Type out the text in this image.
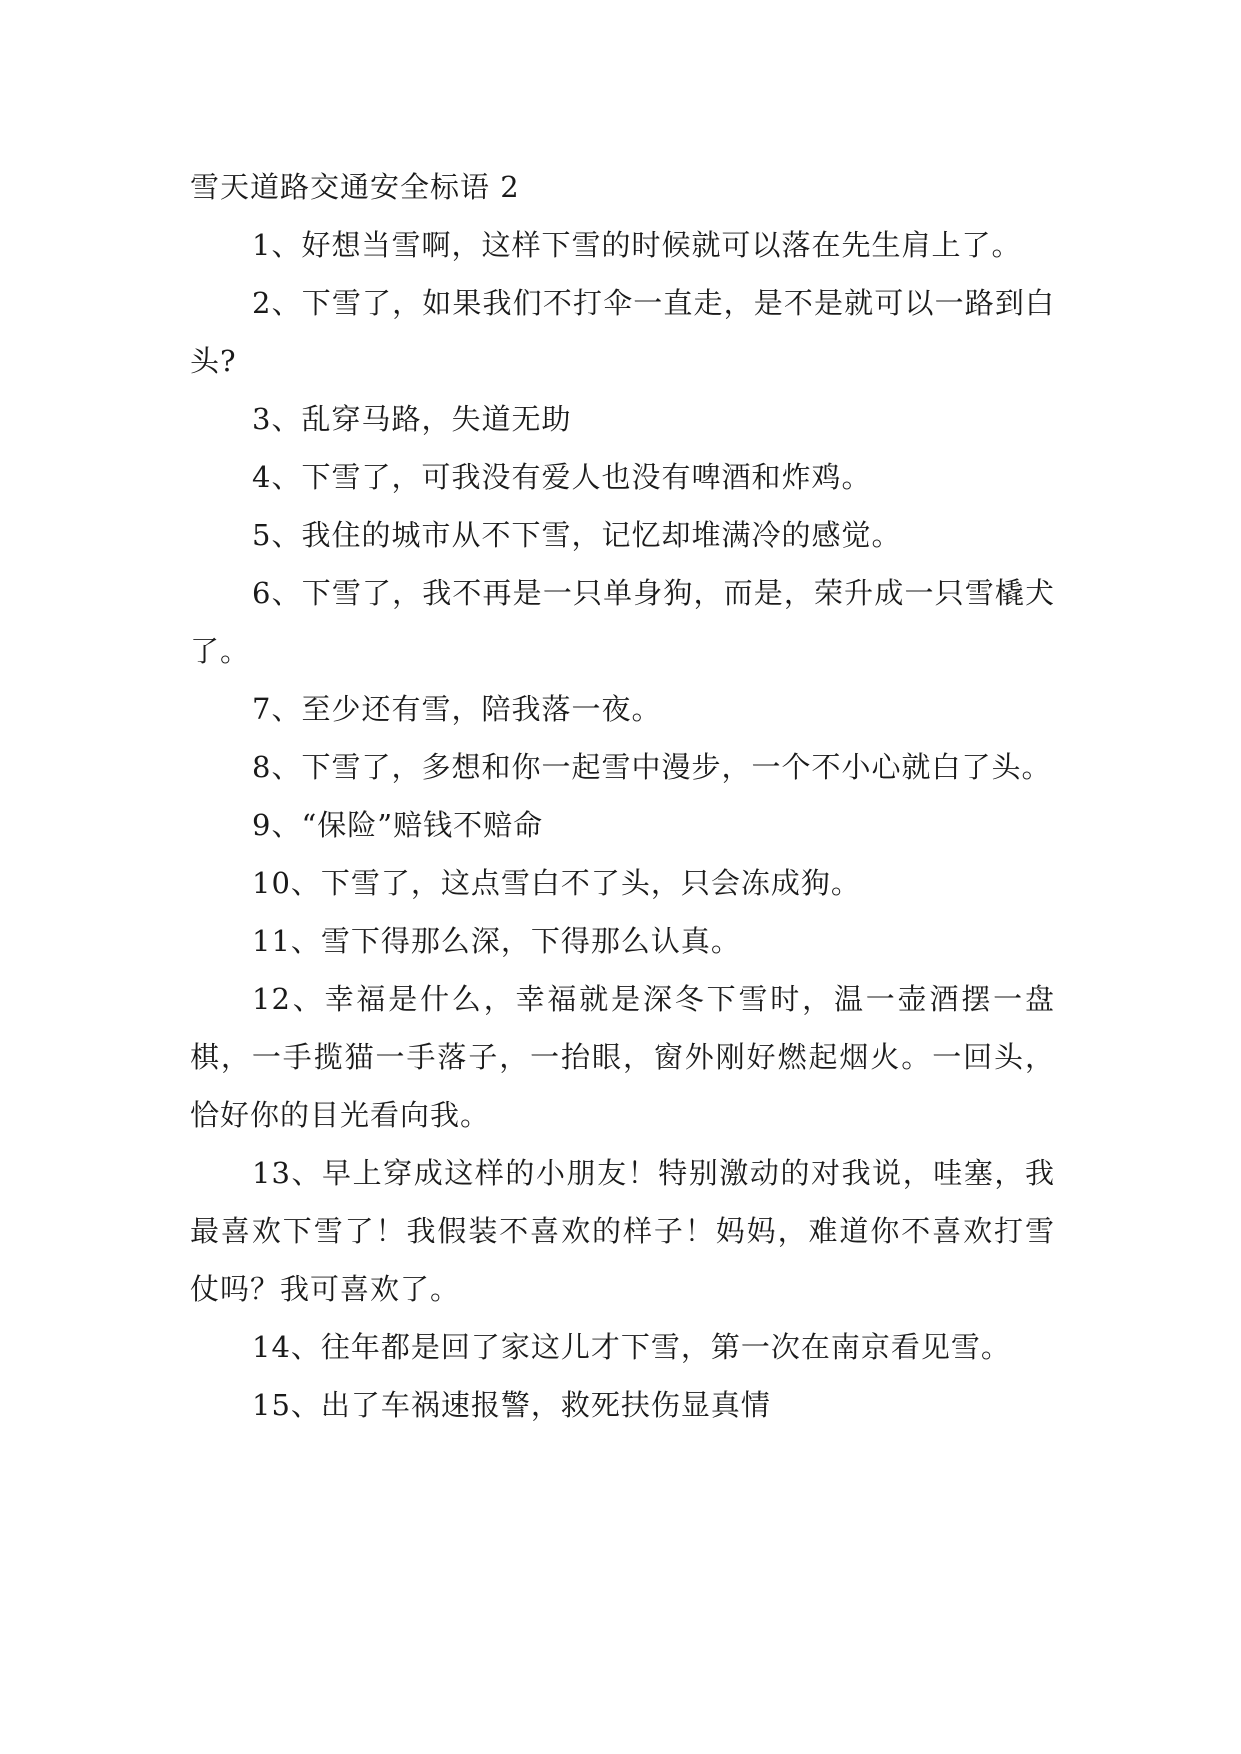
雪天道路交通安全标语 2

1、好想当雪啊，这样下雪的时候就可以落在先生肩上了。

2、下雪了，如果我们不打伞一直走，是不是就可以一路到白头?

3、乱穿马路，失道无助

4、下雪了，可我没有爱人也没有啤酒和炸鸡。

5、我住的城市从不下雪，记忆却堆满冷的感觉。

6、下雪了，我不再是一只单身狗，而是，荣升成一只雪橇犬了。

7、至少还有雪，陪我落一夜。

8、下雪了，多想和你一起雪中漫步，一个不小心就白了头。

9、“保险”赔钱不赔命

10、下雪了，这点雪白不了头，只会冻成狗。

11、雪下得那么深，下得那么认真。

12、幸福是什么，幸福就是深冬下雪时，温一壶酒摆一盘棋，一手揽猫一手落子，一抬眼，窗外刚好燃起烟火。一回头，恰好你的目光看向我。

13、早上穿成这样的小朋友！特别激动的对我说，哇塞，我最喜欢下雪了！我假装不喜欢的样子！妈妈，难道你不喜欢打雪仗吗？我可喜欢了。

14、往年都是回了家这儿才下雪，第一次在南京看见雪。

15、出了车祸速报警，救死扶伤显真情
